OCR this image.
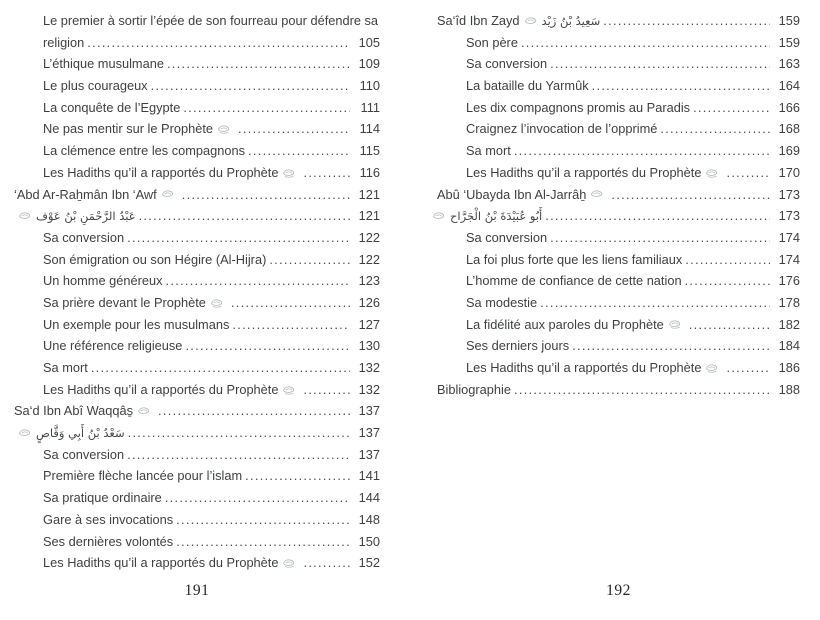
Le premier à sortir l’épée de son fourreau pour défendre sa
religion .....	105
L’éthique musulmane .....	109
Le plus courageux .....	110
La conquête de l’Egypte .....	111
Ne pas mentir sur le Prophète .....	114
La clémence entre les compagnons .....	115
Les Hadiths qu’il a rapportés du Prophète .....	116
‘Abd Ar-Raẖmân Ibn ‘Awf .....	121
عَبْدُ الرَّحْمَنِ بْنُ عَوْف .....	121
Sa conversion .....	122
Son émigration ou son Hégire (Al-Hijra) .....	122
Un homme généreux .....	123
Sa prière devant le Prophète .....	126
Un exemple pour les musulmans .....	127
Une référence religieuse .....	130
Sa mort .....	132
Les Hadiths qu’il a rapportés du Prophète .....	132
Sa‘d Ibn Abî Waqqâs̱ .....	137
سَعْدُ بْنُ أَبِي وَقَّاصٍ .....	137
Sa conversion .....	137
Première flèche lancée pour l’islam .....	141
Sa pratique ordinaire .....	144
Gare à ses invocations .....	148
Ses dernières volontés .....	150
Les Hadiths qu’il a rapportés du Prophète .....	152
Sa‘îd Ibn Zayd سَعِيدُ بْنُ زَيْد .....	159
Son père .....	159
Sa conversion .....	163
La bataille du Yarmûk .....	164
Les dix compagnons promis au Paradis .....	166
Craignez l’invocation de l’opprimé .....	168
Sa mort .....	169
Les Hadiths qu’il a rapportés du Prophète .....	170
Abû ‘Ubayda Ibn Al-Jarrâẖ .....	173
أَبُو عُبَيْدَةَ بْنُ الْجَرَّاح .....	173
Sa conversion .....	174
La foi plus forte que les liens familiaux .....	174
L’homme de confiance de cette nation .....	176
Sa modestie .....	178
La fidélité aux paroles du Prophète .....	182
Ses derniers jours .....	184
Les Hadiths qu’il a rapportés du Prophète .....	186
Bibliographie .....	188
191	192
